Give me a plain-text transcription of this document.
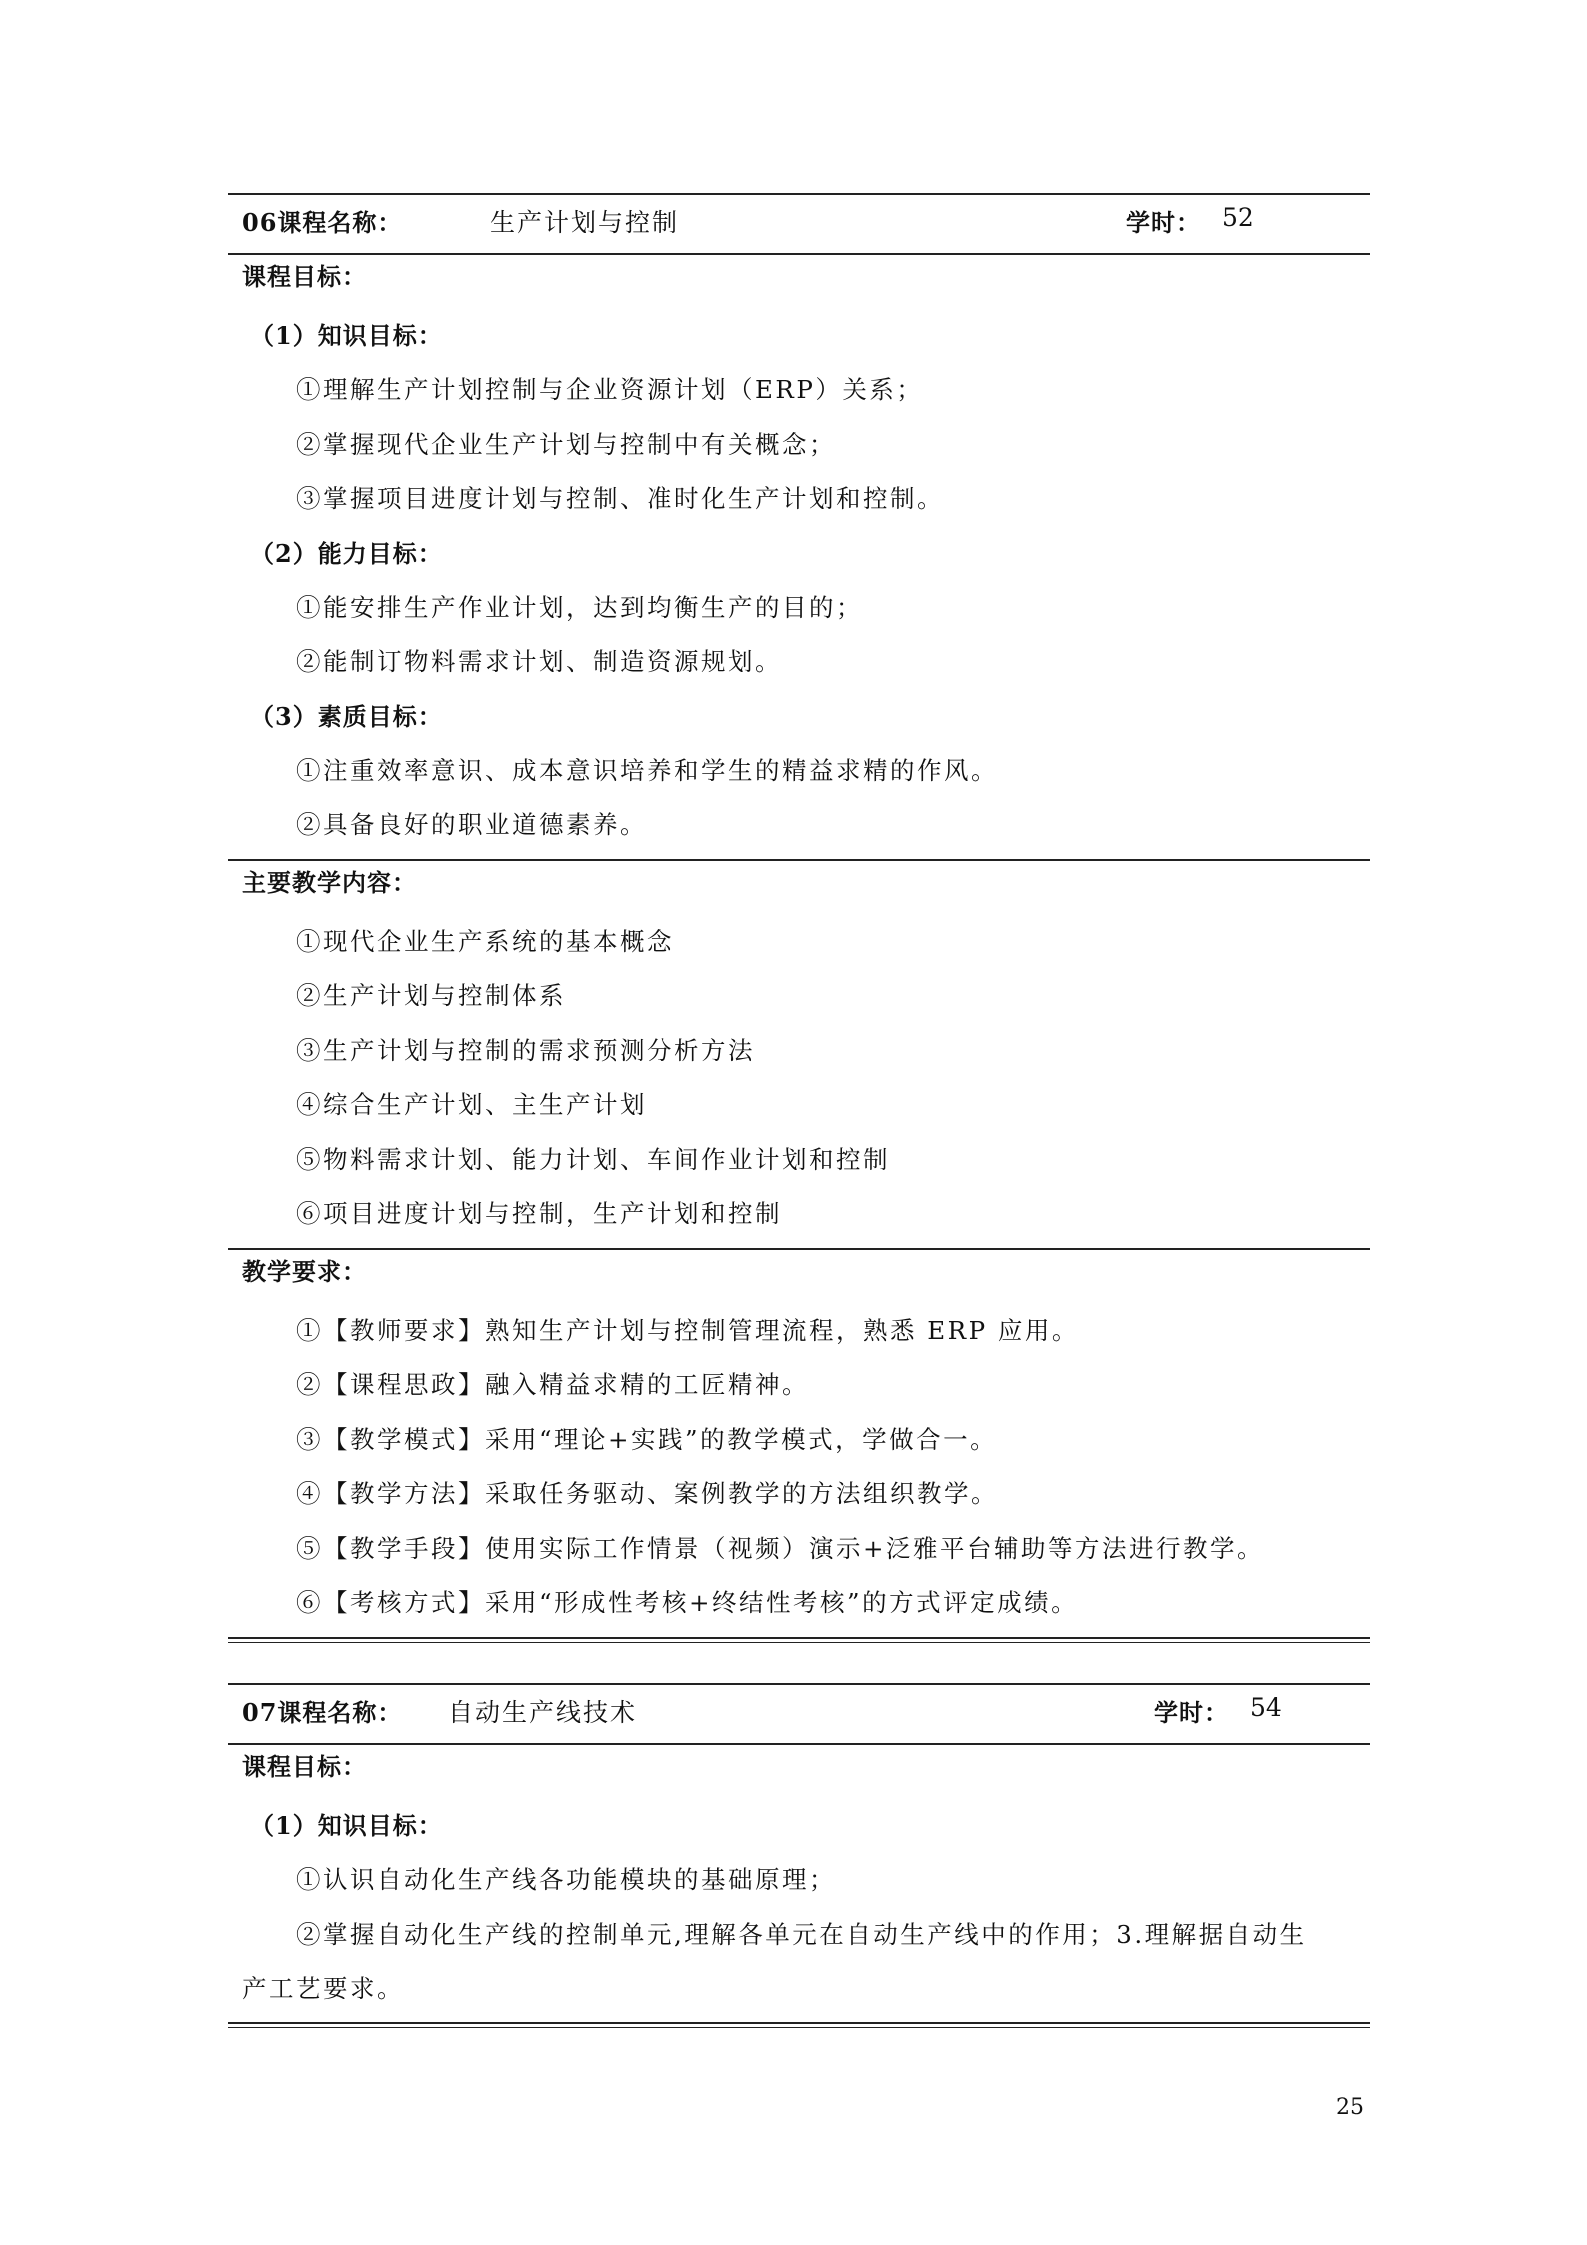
06课程名称：	生产计划与控制	学时： 52
课程目标：
（1）知识目标：
①理解生产计划控制与企业资源计划（ERP）关系；
②掌握现代企业生产计划与控制中有关概念；
③掌握项目进度计划与控制、准时化生产计划和控制。
（2）能力目标：
①能安排生产作业计划，达到均衡生产的目的；
②能制订物料需求计划、制造资源规划。
（3）素质目标：
①注重效率意识、成本意识培养和学生的精益求精的作风。
②具备良好的职业道德素养。
主要教学内容：
①现代企业生产系统的基本概念
②生产计划与控制体系
③生产计划与控制的需求预测分析方法
④综合生产计划、主生产计划
⑤物料需求计划、能力计划、车间作业计划和控制
⑥项目进度计划与控制，生产计划和控制
教学要求：
①【教师要求】熟知生产计划与控制管理流程，熟悉 ERP 应用。
②【课程思政】融入精益求精的工匠精神。
③【教学模式】采用“理论+实践”的教学模式，学做合一。
④【教学方法】采取任务驱动、案例教学的方法组织教学。
⑤【教学手段】使用实际工作情景（视频）演示+泛雅平台辅助等方法进行教学。
⑥【考核方式】采用“形成性考核+终结性考核”的方式评定成绩。
07课程名称： 自动生产线技术	学时： 54
课程目标：
（1）知识目标：
①认识自动化生产线各功能模块的基础原理；
②掌握自动化生产线的控制单元,理解各单元在自动生产线中的作用；3.理解据自动生
产工艺要求。
25
